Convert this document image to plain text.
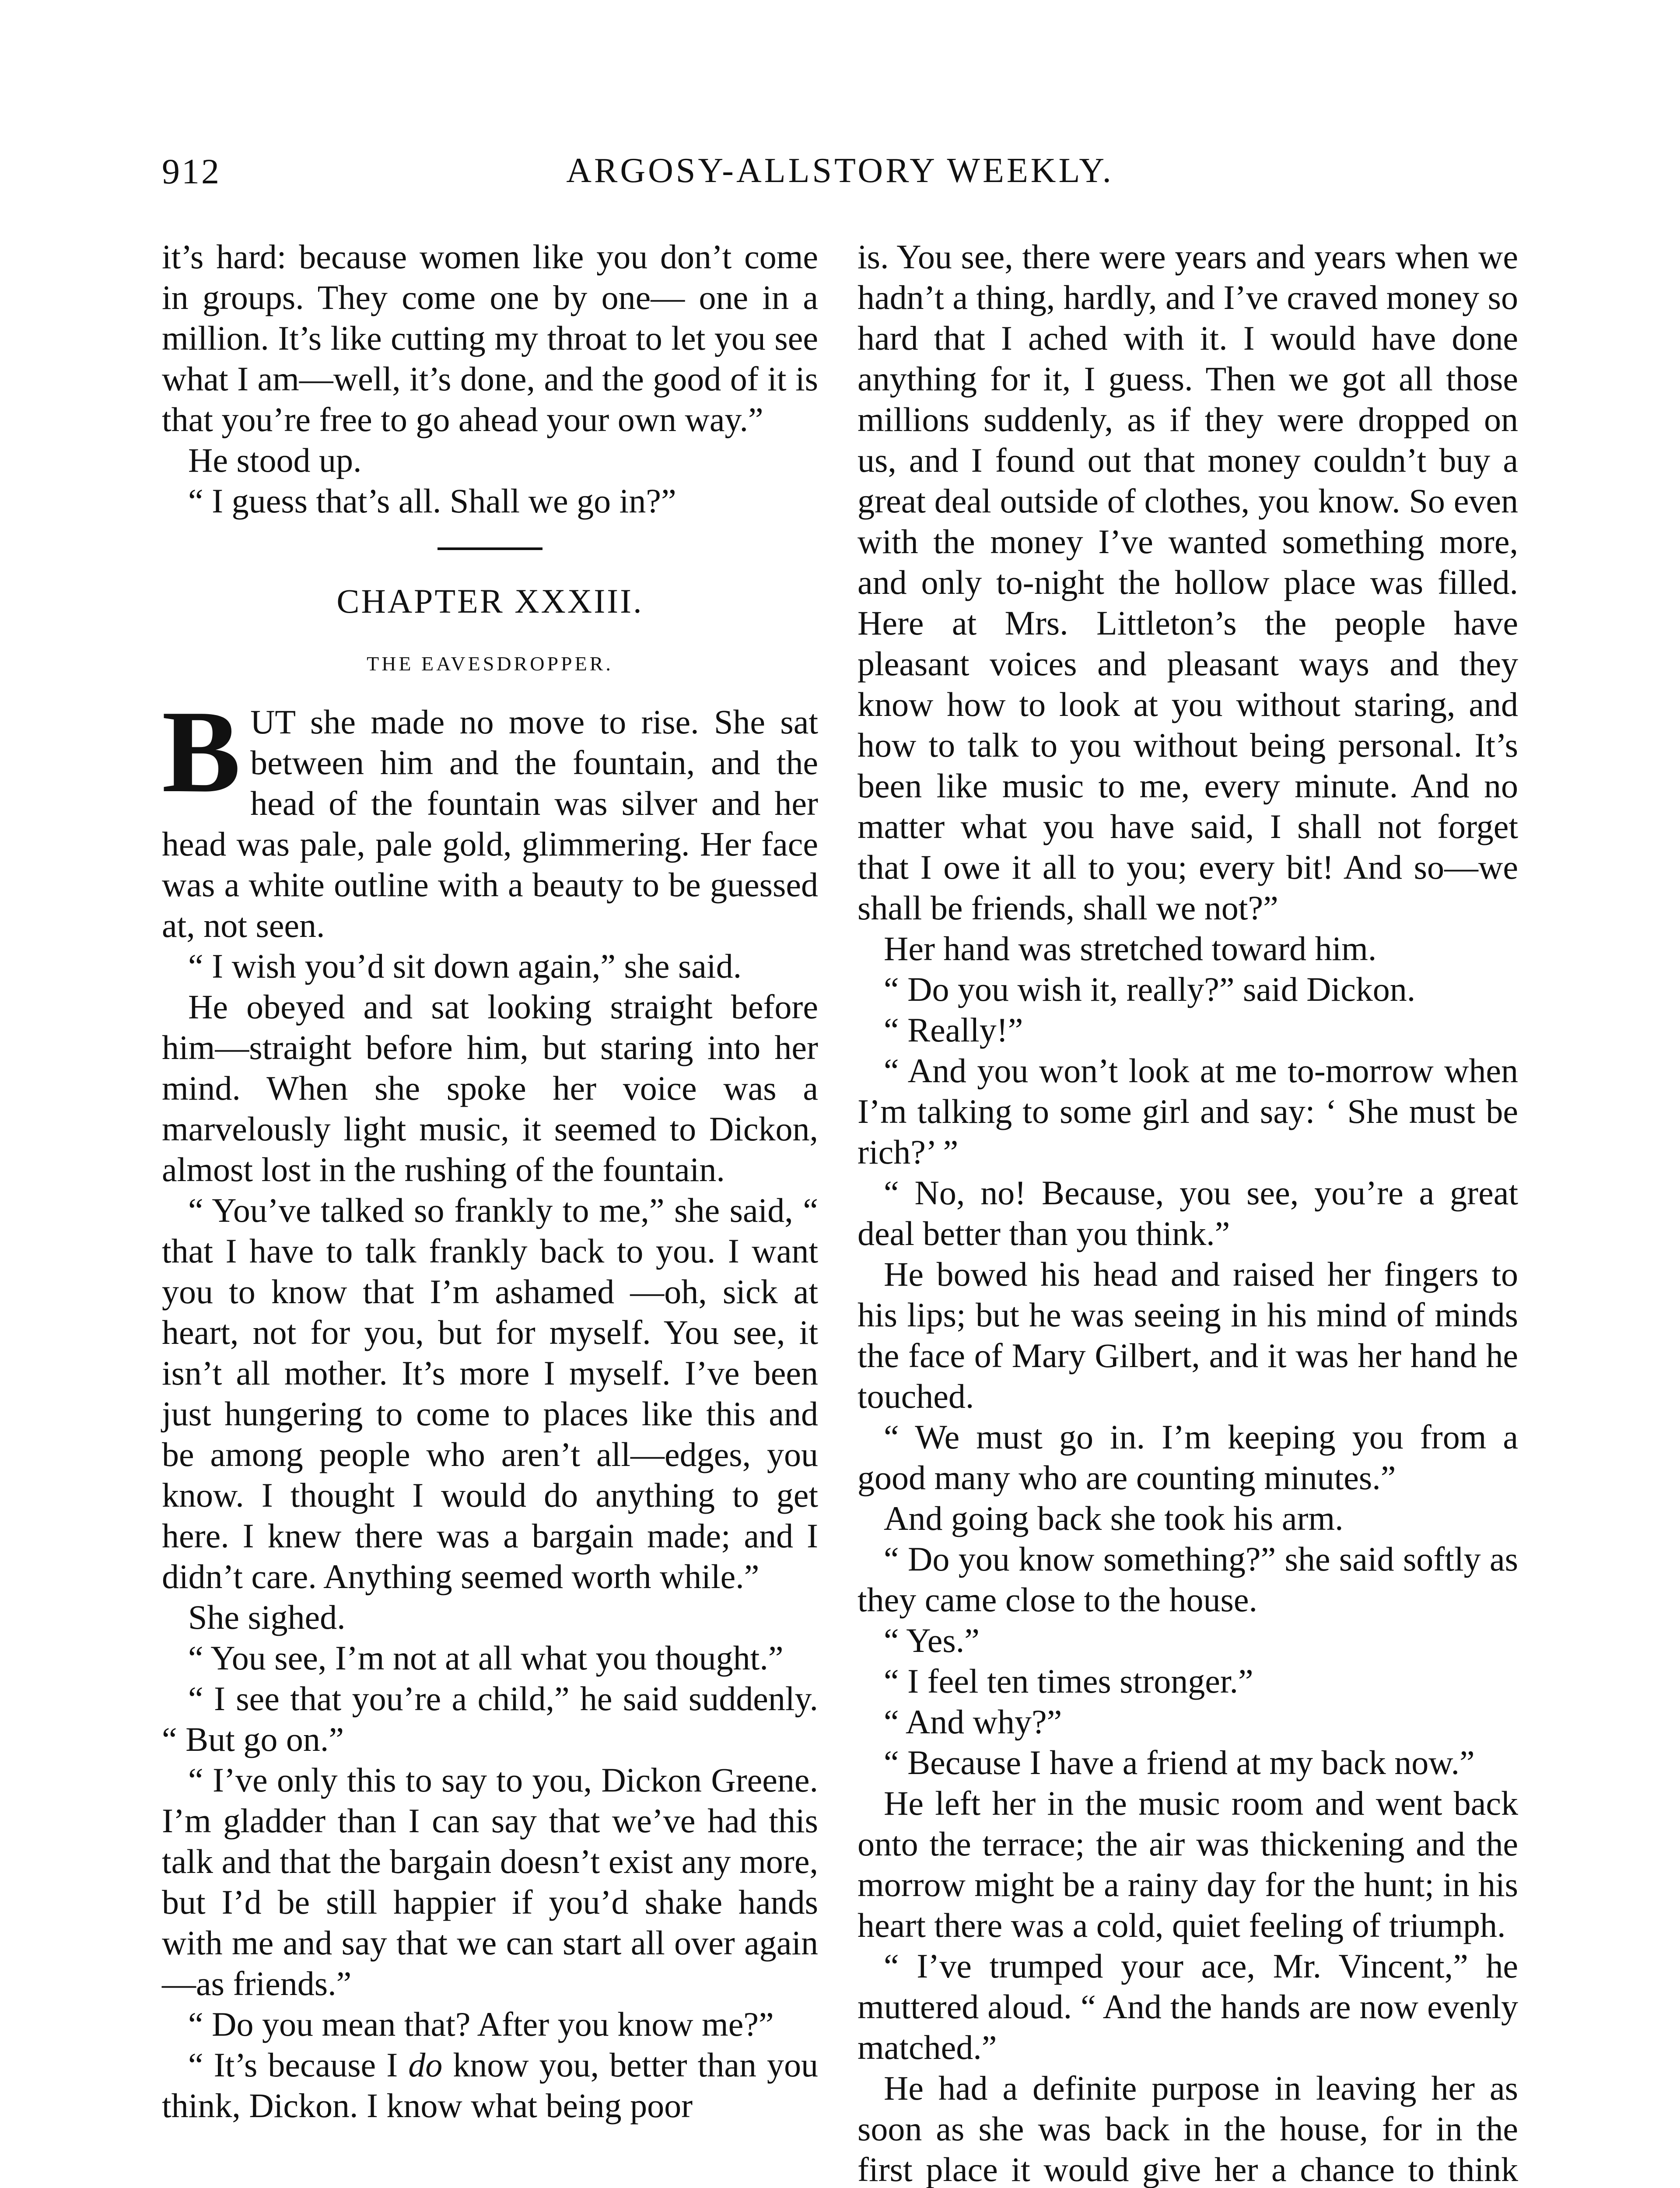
912	ARGOSY-ALLSTORY WEEKLY.

it’s hard: because women like you don’t come in groups. They come one by one— one in a million. It’s like cutting my throat to let you see what I am—well, it’s done, and the good of it is that you’re free to go ahead your own way.”

He stood up.

“ I guess that’s all. Shall we go in?”

CHAPTER XXXIII.
THE EAVESDROPPER.

BUT she made no move to rise. She sat between him and the fountain, and the head of the fountain was silver and her head was pale, pale gold, glimmering. Her face was a white outline with a beauty to be guessed at, not seen.

“ I wish you’d sit down again,” she said.

He obeyed and sat looking straight before him—straight before him, but staring into her mind. When she spoke her voice was a marvelously light music, it seemed to Dickon, almost lost in the rushing of the fountain.

“ You’ve talked so frankly to me,” she said, “ that I have to talk frankly back to you. I want you to know that I’m ashamed —oh, sick at heart, not for you, but for myself. You see, it isn’t all mother. It’s more I myself. I’ve been just hungering to come to places like this and be among people who aren’t all—edges, you know. I thought I would do anything to get here. I knew there was a bargain made; and I didn’t care. Anything seemed worth while.”

She sighed.

“ You see, I’m not at all what you thought.”

“ I see that you’re a child,” he said suddenly. “ But go on.”

“ I’ve only this to say to you, Dickon Greene. I’m gladder than I can say that we’ve had this talk and that the bargain doesn’t exist any more, but I’d be still happier if you’d shake hands with me and say that we can start all over again—as friends.”

“ Do you mean that? After you know me?”

“ It’s because I do know you, better than you think, Dickon. I know what being poor

is. You see, there were years and years when we hadn’t a thing, hardly, and I’ve craved money so hard that I ached with it. I would have done anything for it, I guess. Then we got all those millions suddenly, as if they were dropped on us, and I found out that money couldn’t buy a great deal outside of clothes, you know. So even with the money I’ve wanted something more, and only to-night the hollow place was filled. Here at Mrs. Littleton’s the people have pleasant voices and pleasant ways and they know how to look at you without staring, and how to talk to you without being personal. It’s been like music to me, every minute. And no matter what you have said, I shall not forget that I owe it all to you; every bit! And so—we shall be friends, shall we not?”

Her hand was stretched toward him.

“ Do you wish it, really?” said Dickon.

“ Really!”

“ And you won’t look at me to-morrow when I’m talking to some girl and say: ‘ She must be rich?’ ”

“ No, no! Because, you see, you’re a great deal better than you think.”

He bowed his head and raised her fingers to his lips; but he was seeing in his mind of minds the face of Mary Gilbert, and it was her hand he touched.

“ We must go in. I’m keeping you from a good many who are counting minutes.”

And going back she took his arm.

“ Do you know something?” she said softly as they came close to the house.

“ Yes.”

“ I feel ten times stronger.”

“ And why?”

“ Because I have a friend at my back now.”

He left her in the music room and went back onto the terrace; the air was thickening and the morrow might be a rainy day for the hunt; in his heart there was a cold, quiet feeling of triumph.

“ I’ve trumped your ace, Mr. Vincent,” he muttered aloud. “ And the hands are now evenly matched.”

He had a definite purpose in leaving her as soon as she was back in the house, for in the first place it would give her a chance to think
